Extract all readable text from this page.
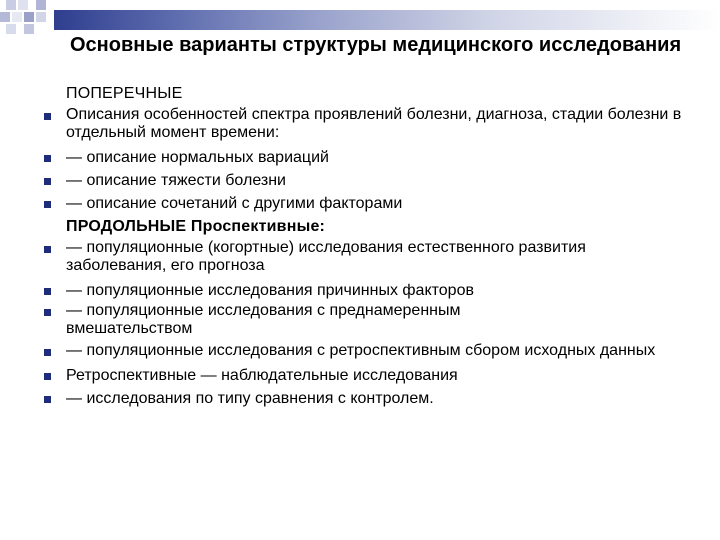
Основные варианты структуры медицинского исследования
ПОПЕРЕЧНЫЕ
Описания особенностей спектра проявлений болезни, диагноза, стадии болезни в отдельный момент времени:
— описание нормальных вариаций
— описание тяжести болезни
— описание сочетаний с другими факторами
ПРОДОЛЬНЫЕ Проспективные:
— популяционные (когортные) исследования естественного развития заболевания, его прогноза
— популяционные исследования причинных факторов
— популяционные исследования с преднамеренным вмешательством
— популяционные исследования с ретроспективным сбором исходных данных
Ретроспективные — наблюдательные исследования
— исследования по типу сравнения с контролем.
